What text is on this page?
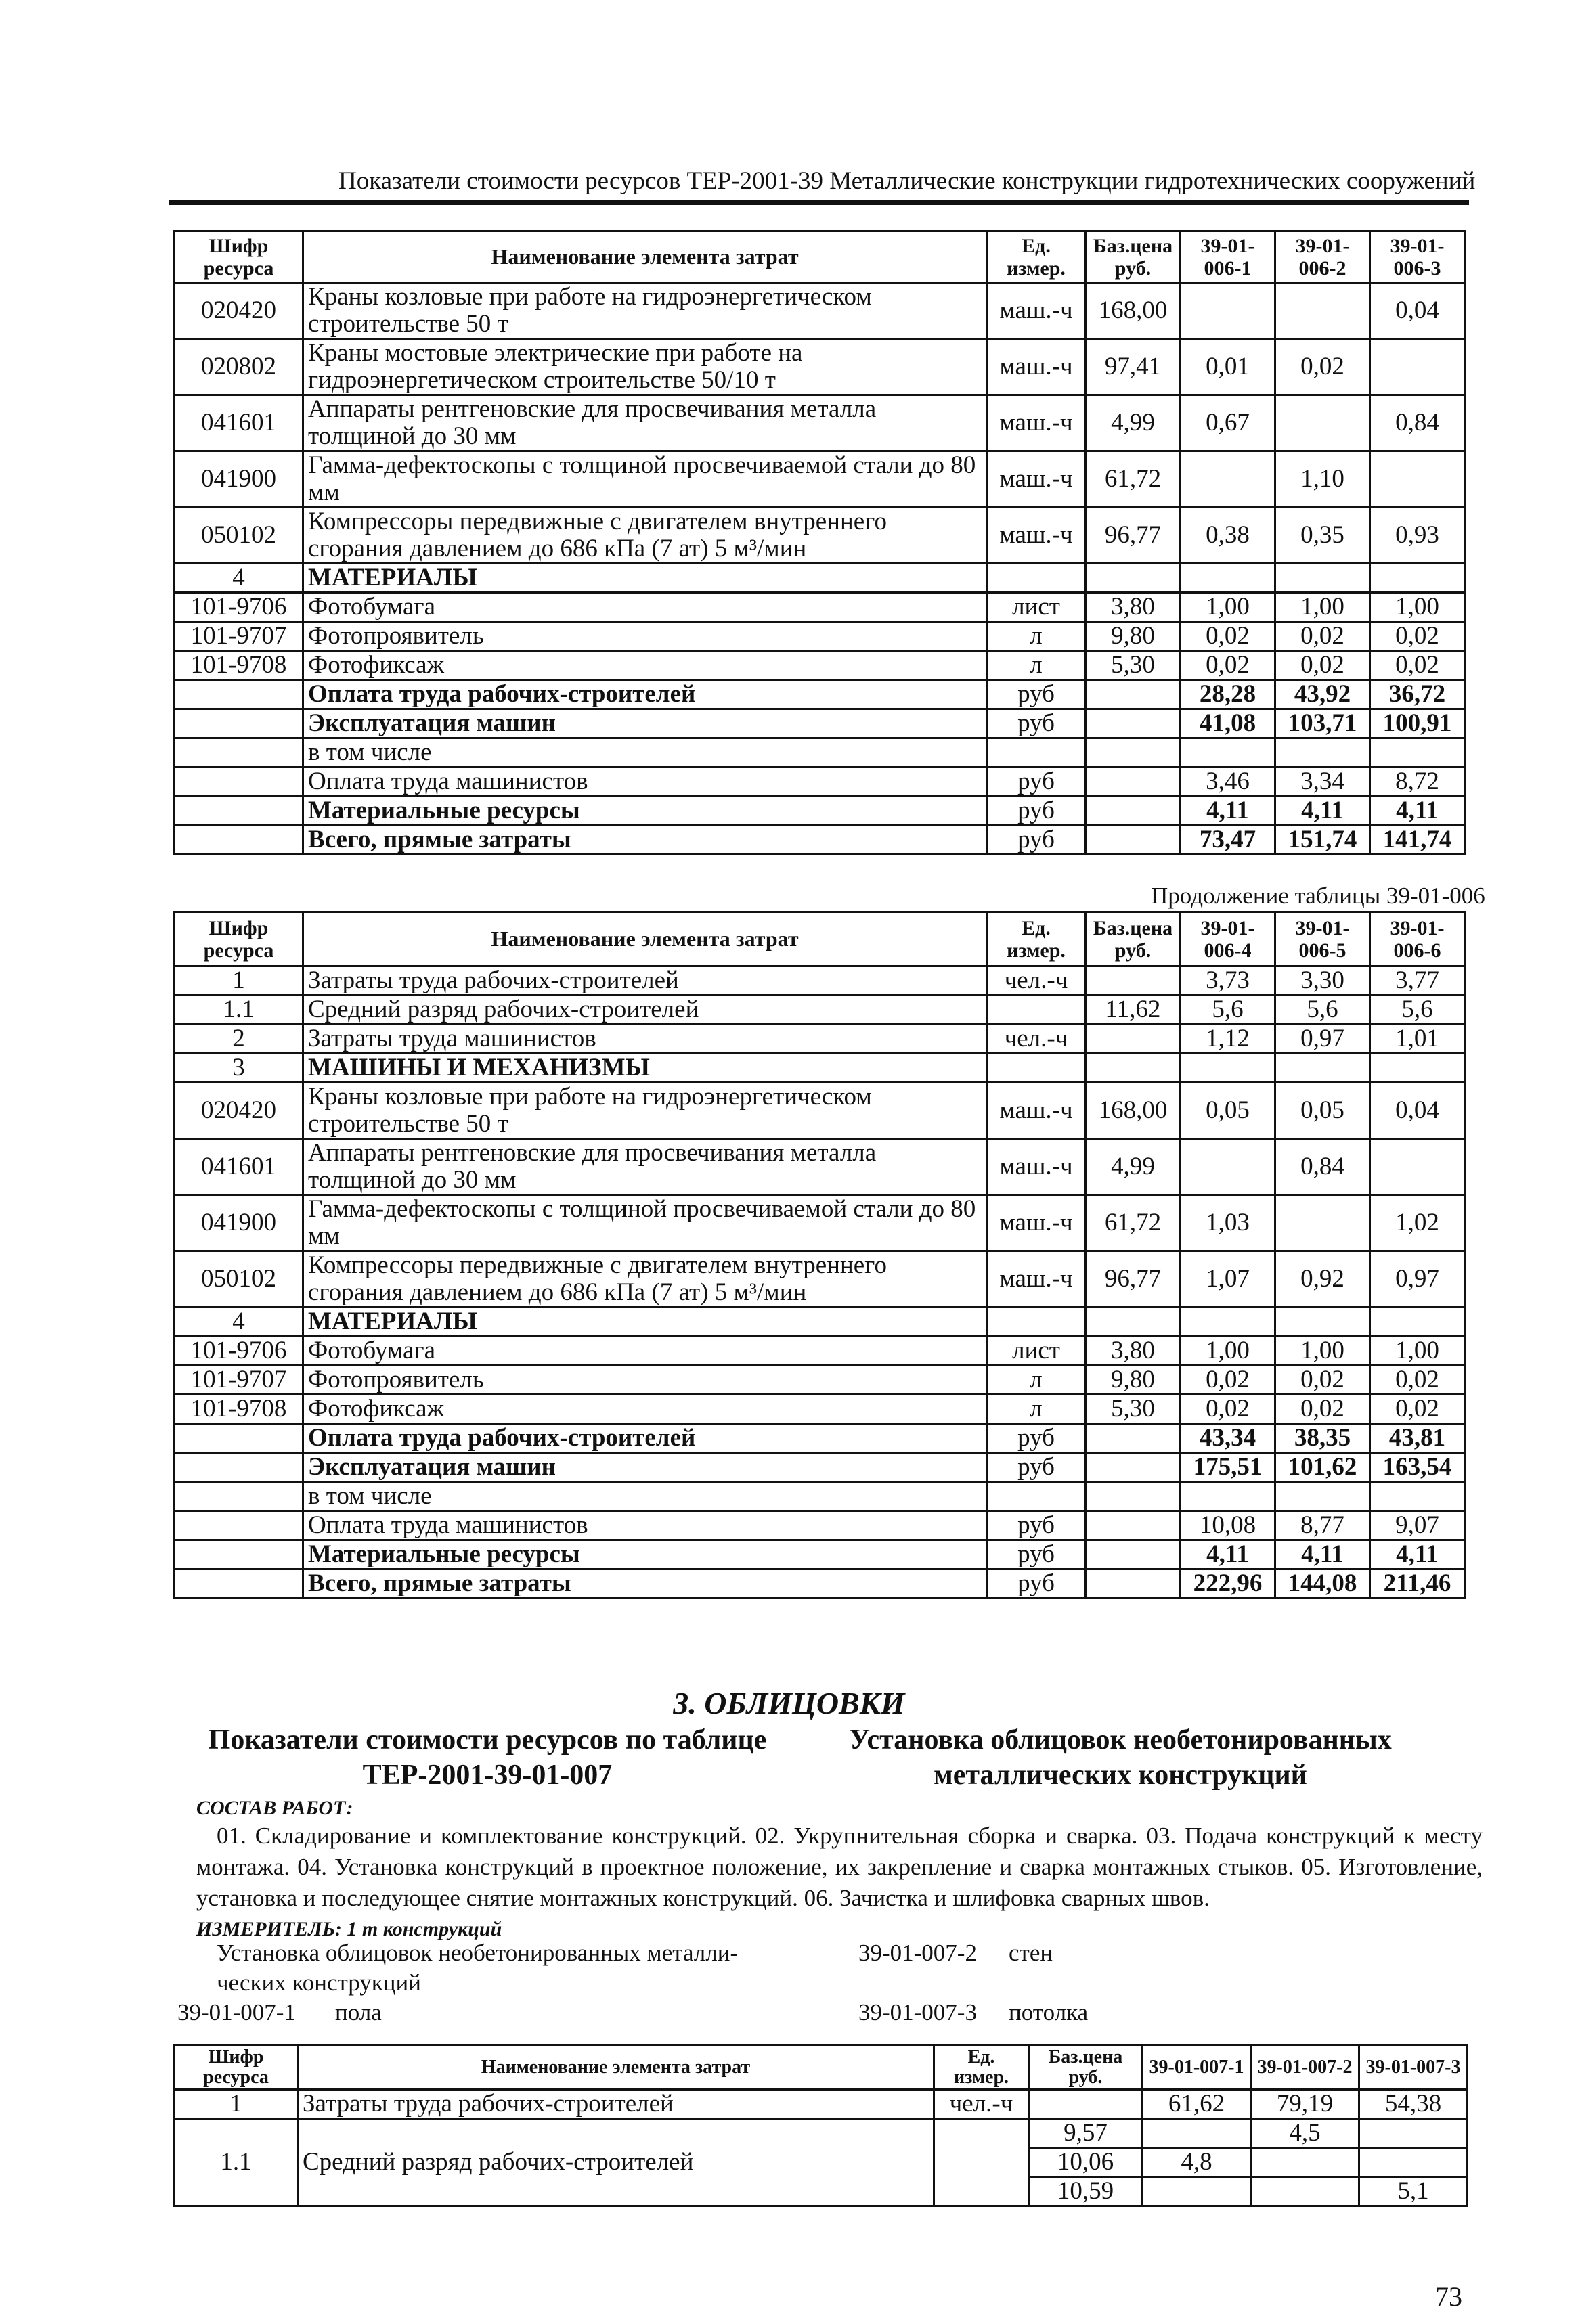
Показатели стоимости ресурсов ТЕР-2001-39 Металлические конструкции гидротехнических сооружений
Шифр ресурса	Наименование элемента затрат	Ед. измер.	Баз.цена руб.	39-01-006-1	39-01-006-2	39-01-006-3
020420	Краны козловые при работе на гидроэнергетическом строительстве 50 т	маш.-ч	168,00			0,04
020802	Краны мостовые электрические при работе на гидроэнергетическом строительстве 50/10 т	маш.-ч	97,41	0,01	0,02	
041601	Аппараты рентгеновские для просвечивания металла толщиной до 30 мм	маш.-ч	4,99	0,67		0,84
041900	Гамма-дефектоскопы с толщиной просвечиваемой стали до 80 мм	маш.-ч	61,72		1,10	
050102	Компрессоры передвижные с двигателем внутреннего сгорания давлением до 686 кПа (7 ат) 5 м³/мин	маш.-ч	96,77	0,38	0,35	0,93
4	МАТЕРИАЛЫ					
101-9706	Фотобумага	лист	3,80	1,00	1,00	1,00
101-9707	Фотопроявитель	л	9,80	0,02	0,02	0,02
101-9708	Фотофиксаж	л	5,30	0,02	0,02	0,02
	Оплата труда рабочих-строителей	руб		28,28	43,92	36,72
	Эксплуатация машин	руб		41,08	103,71	100,91
	в том числе					
	Оплата труда машинистов	руб		3,46	3,34	8,72
	Материальные ресурсы	руб		4,11	4,11	4,11
	Всего, прямые затраты	руб		73,47	151,74	141,74
Продолжение таблицы 39-01-006
Шифр ресурса	Наименование элемента затрат	Ед. измер.	Баз.цена руб.	39-01-006-4	39-01-006-5	39-01-006-6
1	Затраты труда рабочих-строителей	чел.-ч		3,73	3,30	3,77
1.1	Средний разряд рабочих-строителей		11,62	5,6	5,6	5,6
2	Затраты труда машинистов	чел.-ч		1,12	0,97	1,01
3	МАШИНЫ И МЕХАНИЗМЫ					
020420	Краны козловые при работе на гидроэнергетическом строительстве 50 т	маш.-ч	168,00	0,05	0,05	0,04
041601	Аппараты рентгеновские для просвечивания металла толщиной до 30 мм	маш.-ч	4,99		0,84	
041900	Гамма-дефектоскопы с толщиной просвечиваемой стали до 80 мм	маш.-ч	61,72	1,03		1,02
050102	Компрессоры передвижные с двигателем внутреннего сгорания давлением до 686 кПа (7 ат) 5 м³/мин	маш.-ч	96,77	1,07	0,92	0,97
4	МАТЕРИАЛЫ					
101-9706	Фотобумага	лист	3,80	1,00	1,00	1,00
101-9707	Фотопроявитель	л	9,80	0,02	0,02	0,02
101-9708	Фотофиксаж	л	5,30	0,02	0,02	0,02
	Оплата труда рабочих-строителей	руб		43,34	38,35	43,81
	Эксплуатация машин	руб		175,51	101,62	163,54
	в том числе					
	Оплата труда машинистов	руб		10,08	8,77	9,07
	Материальные ресурсы	руб		4,11	4,11	4,11
	Всего, прямые затраты	руб		222,96	144,08	211,46
3. ОБЛИЦОВКИ
Показатели стоимости ресурсов по таблице ТЕР-2001-39-01-007
Установка облицовок необетонированных металлических конструкций
СОСТАВ РАБОТ:
01. Складирование и комплектование конструкций. 02. Укрупнительная сборка и сварка. 03. Подача конструкций к месту монтажа. 04. Установка конструкций в проектное положение, их закрепление и сварка монтажных стыков. 05. Изготовление, установка и последующее снятие монтажных конструкций. 06. Зачистка и шлифовка сварных швов.
ИЗМЕРИТЕЛЬ: 1 т конструкций
Установка облицовок необетонированных металли-
ческих конструкций
39-01-007-1 пола
39-01-007-2 стен
39-01-007-3 потолка
Шифр ресурса	Наименование элемента затрат	Ед. измер.	Баз.цена руб.	39-01-007-1	39-01-007-2	39-01-007-3
1	Затраты труда рабочих-строителей	чел.-ч		61,62	79,19	54,38
1.1	Средний разряд рабочих-строителей		9,57		4,5	
			10,06	4,8		
			10,59			5,1
73
